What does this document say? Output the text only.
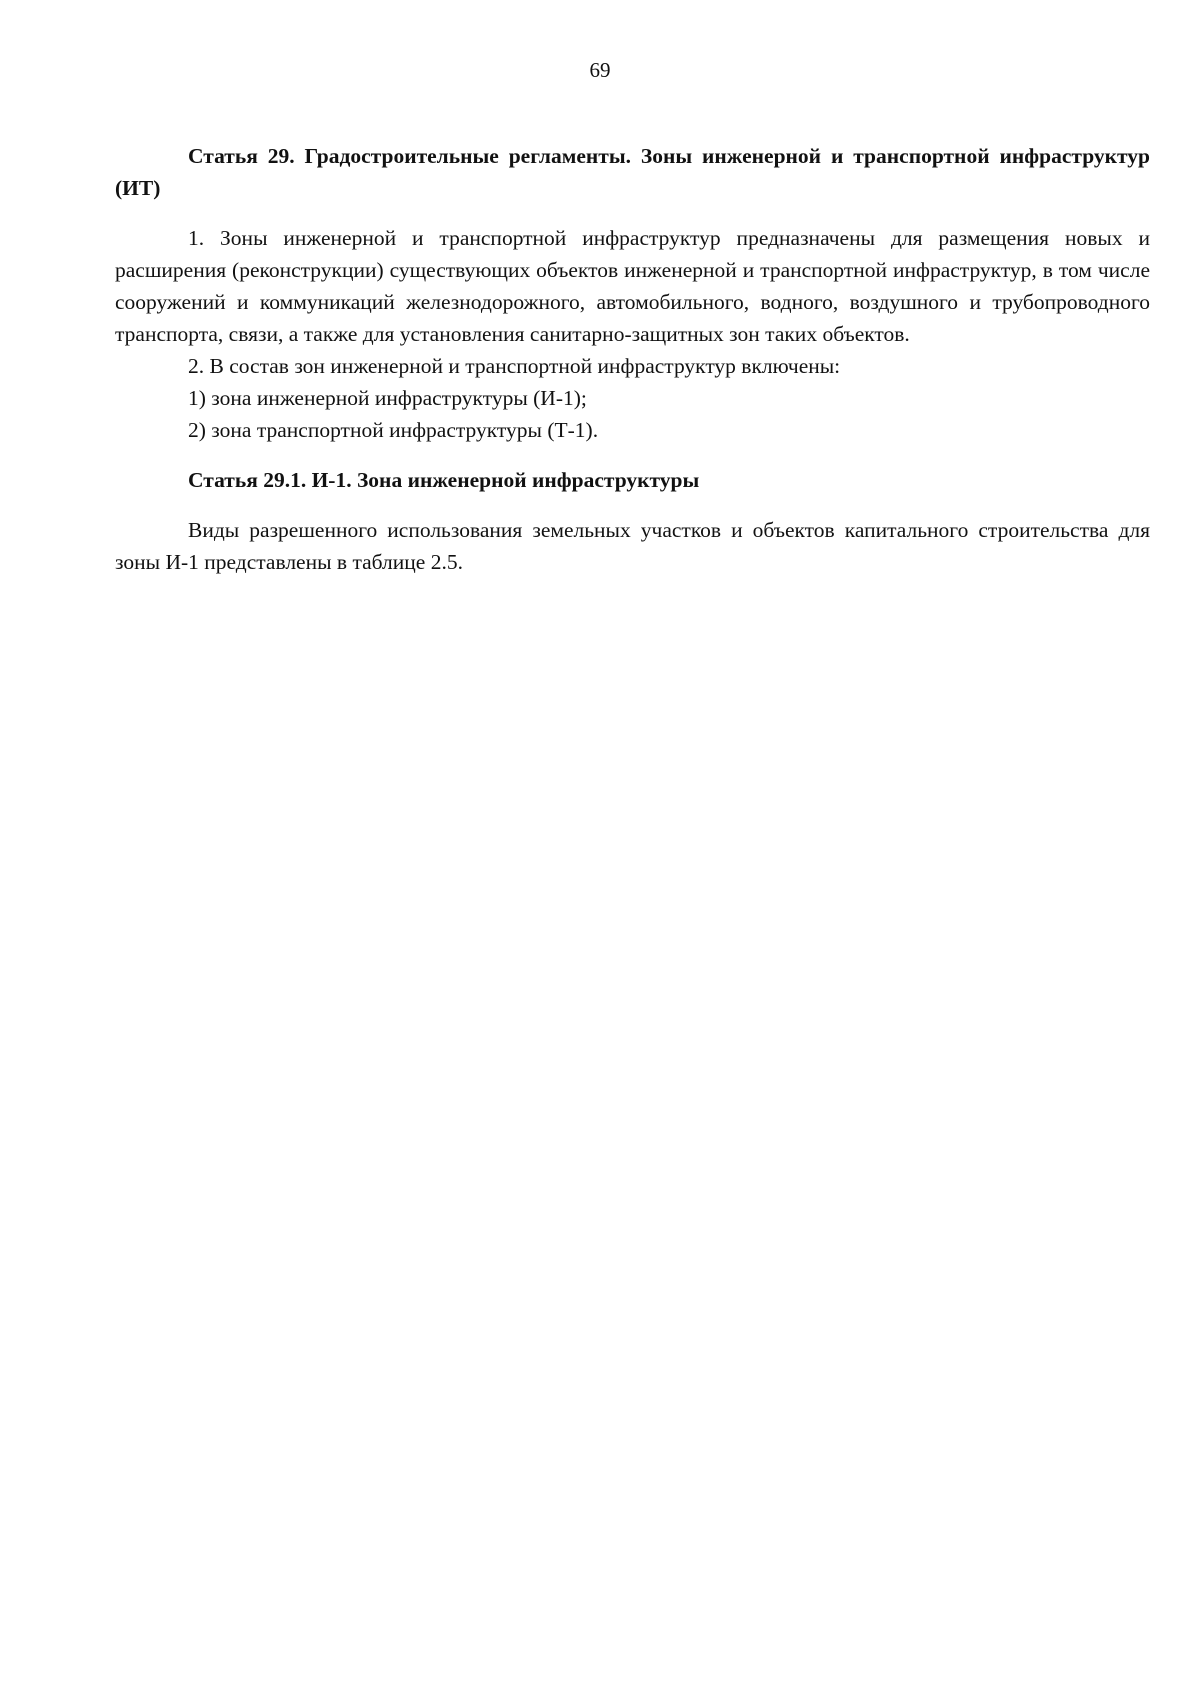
69

Статья 29. Градостроительные регламенты. Зоны инженерной и транспортной инфраструктур (ИТ)

1. Зоны инженерной и транспортной инфраструктур предназначены для размещения новых и расширения (реконструкции) существующих объектов инженерной и транспортной инфраструктур, в том числе сооружений и коммуникаций железнодорожного, автомобильного, водного, воздушного и трубопроводного транспорта, связи, а также для установления санитарно-защитных зон таких объектов.

2. В состав зон инженерной и транспортной инфраструктур включены:

1) зона инженерной инфраструктуры (И-1);

2) зона транспортной инфраструктуры (Т-1).

Статья 29.1. И-1. Зона инженерной инфраструктуры

Виды разрешенного использования земельных участков и объектов капитального строительства для зоны И-1 представлены в таблице 2.5.
